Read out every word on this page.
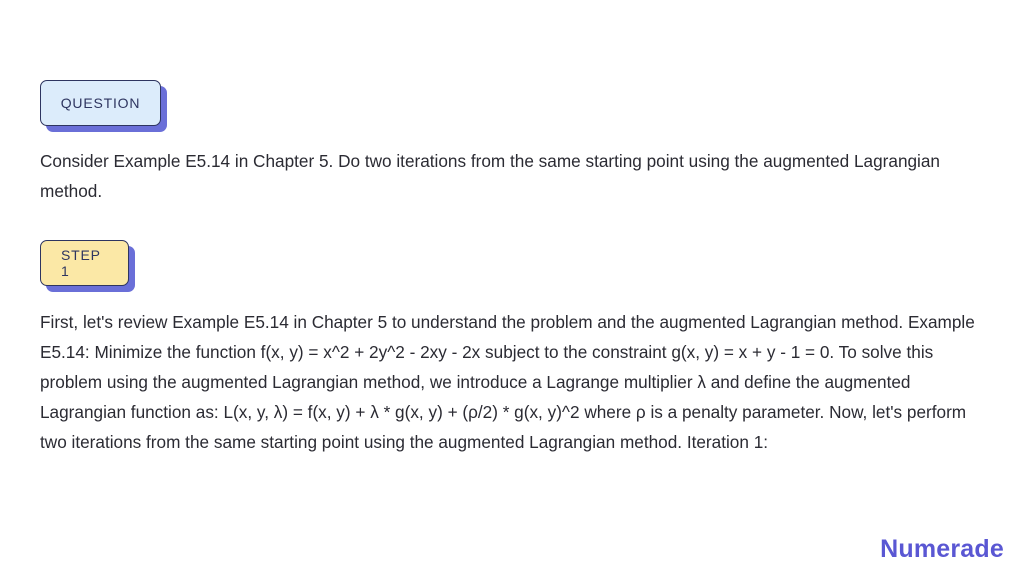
QUESTION
Consider Example E5.14 in Chapter 5. Do two iterations from the same starting point using the augmented Lagrangian method.
STEP 1
First, let's review Example E5.14 in Chapter 5 to understand the problem and the augmented Lagrangian method. Example E5.14: Minimize the function f(x, y) = x^2 + 2y^2 - 2xy - 2x subject to the constraint g(x, y) = x + y - 1 = 0. To solve this problem using the augmented Lagrangian method, we introduce a Lagrange multiplier λ and define the augmented Lagrangian function as: L(x, y, λ) = f(x, y) + λ * g(x, y) + (ρ/2) * g(x, y)^2 where ρ is a penalty parameter. Now, let's perform two iterations from the same starting point using the augmented Lagrangian method. Iteration 1:
Numerade
